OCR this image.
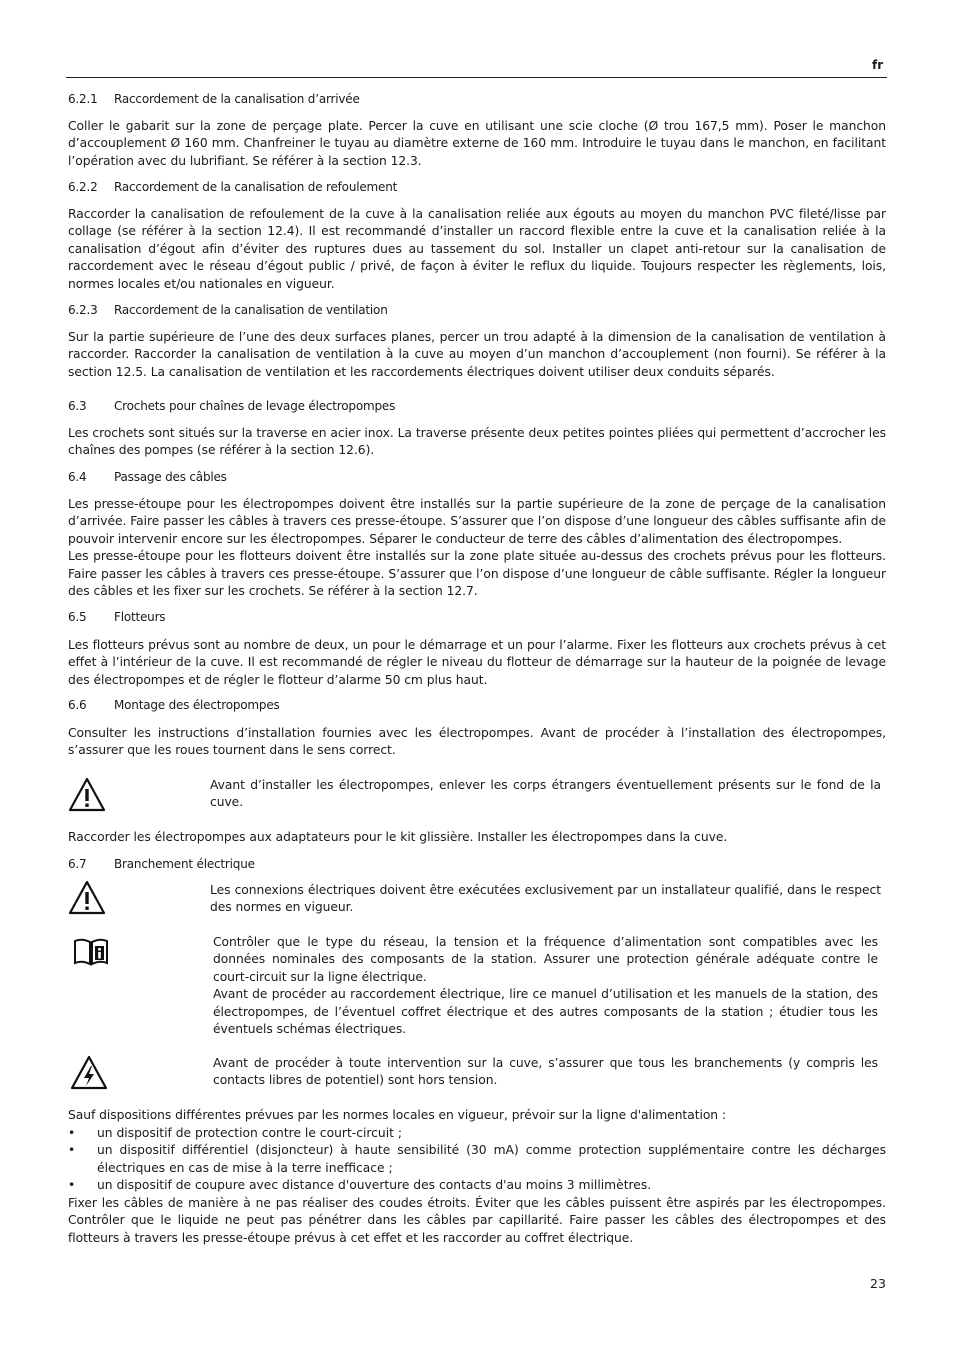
fr
6.2.1 Raccordement de la canalisation d’arrivée
Coller le gabarit sur la zone de perçage plate. Percer la cuve en utilisant une scie cloche (Ø trou 167,5 mm). Poser le manchon d’accouplement Ø 160 mm. Chanfreiner le tuyau au diamètre externe de 160 mm. Introduire le tuyau dans le manchon, en facilitant l’opération avec du lubrifiant. Se référer à la section 12.3.
6.2.2 Raccordement de la canalisation de refoulement
Raccorder la canalisation de refoulement de la cuve à la canalisation reliée aux égouts au moyen du manchon PVC fileté/lisse par collage (se référer à la section 12.4). Il est recommandé d’installer un raccord flexible entre la cuve et la canalisation reliée à la canalisation d’égout afin d’éviter des ruptures dues au tassement du sol. Installer un clapet anti-retour sur la canalisation de raccordement avec le réseau d’égout public / privé, de façon à éviter le reflux du liquide. Toujours respecter les règlements, lois, normes locales et/ou nationales en vigueur.
6.2.3 Raccordement de la canalisation de ventilation
Sur la partie supérieure de l’une des deux surfaces planes, percer un trou adapté à la dimension de la canalisation de ventilation à raccorder. Raccorder la canalisation de ventilation à la cuve au moyen d’un manchon d’accouplement (non fourni). Se référer à la section 12.5. La canalisation de ventilation et les raccordements électriques doivent utiliser deux conduits séparés.
6.3 Crochets pour chaînes de levage électropompes
Les crochets sont situés sur la traverse en acier inox. La traverse présente deux petites pointes pliées qui permettent d’accrocher les chaînes des pompes (se référer à la section 12.6).
6.4 Passage des câbles
Les presse-étoupe pour les électropompes doivent être installés sur la partie supérieure de la zone de perçage de la canalisation d’arrivée. Faire passer les câbles à travers ces presse-étoupe. S’assurer que l’on dispose d’une longueur des câbles suffisante afin de pouvoir intervenir encore sur les électropompes. Séparer le conducteur de terre des câbles d’alimentation des électropompes.
Les presse-étoupe pour les flotteurs doivent être installés sur la zone plate située au-dessus des crochets prévus pour les flotteurs. Faire passer les câbles à travers ces presse-étoupe. S’assurer que l’on dispose d’une longueur de câble suffisante. Régler la longueur des câbles et les fixer sur les crochets. Se référer à la section 12.7.
6.5 Flotteurs
Les flotteurs prévus sont au nombre de deux, un pour le démarrage et un pour l’alarme. Fixer les flotteurs aux crochets prévus à cet effet à l’intérieur de la cuve. Il est recommandé de régler le niveau du flotteur de démarrage sur la hauteur de la poignée de levage des électropompes et de régler le flotteur d’alarme 50 cm plus haut.
6.6 Montage des électropompes
Consulter les instructions d’installation fournies avec les électropompes. Avant de procéder à l’installation des électropompes, s’assurer que les roues tournent dans le sens correct.
Avant d’installer les électropompes, enlever les corps étrangers éventuellement présents sur le fond de la cuve.
Raccorder les électropompes aux adaptateurs pour le kit glissière. Installer les électropompes dans la cuve.
6.7 Branchement électrique
Les connexions électriques doivent être exécutées exclusivement par un installateur qualifié, dans le respect des normes en vigueur.
Contrôler que le type du réseau, la tension et la fréquence d’alimentation sont compatibles avec les données nominales des composants de la station. Assurer une protection générale adéquate contre le court-circuit sur la ligne électrique.
Avant de procéder au raccordement électrique, lire ce manuel d’utilisation et les manuels de la station, des électropompes, de l’éventuel coffret électrique et des autres composants de la station ; étudier tous les éventuels schémas électriques.
Avant de procéder à toute intervention sur la cuve, s’assurer que tous les branchements (y compris les contacts libres de potentiel) sont hors tension.
Sauf dispositions différentes prévues par les normes locales en vigueur, prévoir sur la ligne d'alimentation :
• un dispositif de protection contre le court-circuit ;
• un dispositif différentiel (disjoncteur) à haute sensibilité (30 mA) comme protection supplémentaire contre les décharges électriques en cas de mise à la terre inefficace ;
• un dispositif de coupure avec distance d'ouverture des contacts d'au moins 3 millimètres.
Fixer les câbles de manière à ne pas réaliser des coudes étroits. Éviter que les câbles puissent être aspirés par les électropompes. Contrôler que le liquide ne peut pas pénétrer dans les câbles par capillarité. Faire passer les câbles des électropompes et des flotteurs à travers les presse-étoupe prévus à cet effet et les raccorder au coffret électrique.
23
